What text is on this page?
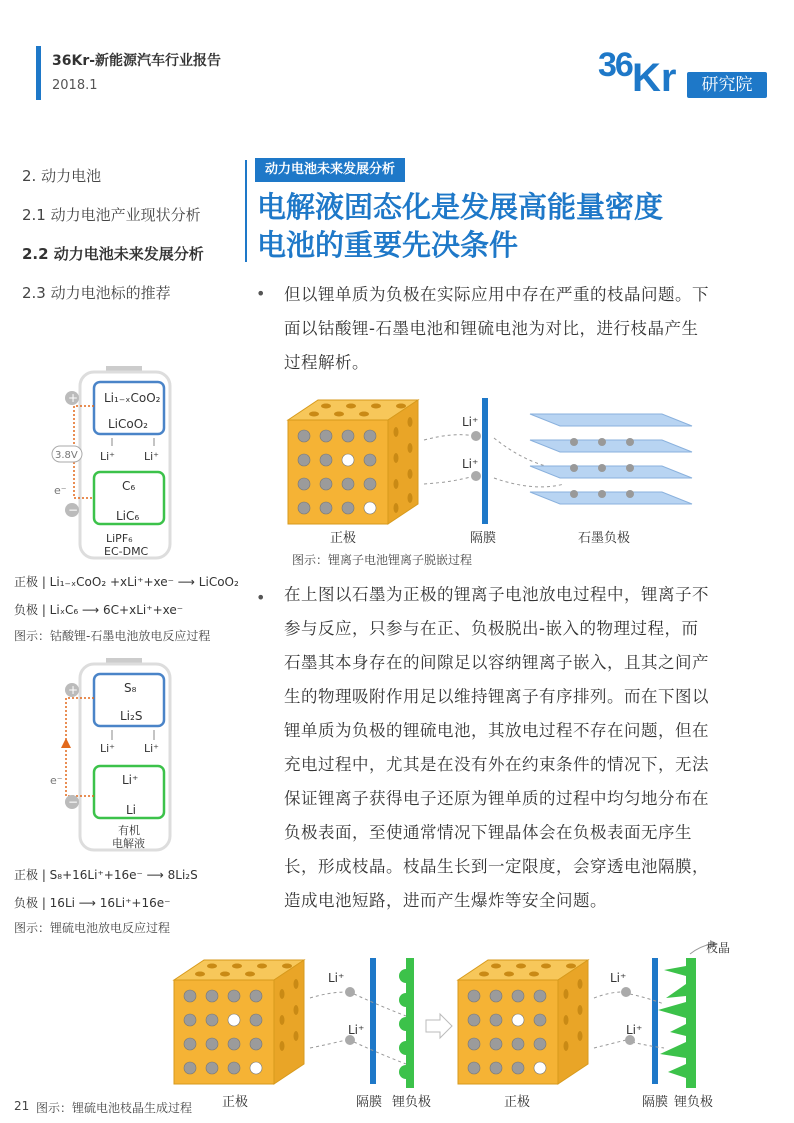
36Kr-新能源汽车行业报告
2018.1
36 Kr	研究院
2. 动力电池
2.1 动力电池产业现状分析
2.2 动力电池未来发展分析
2.3 动力电池标的推荐
动力电池未来发展分析
电解液固态化是发展高能量密度
电池的重要先决条件
• 但以锂单质为负极在实际应用中存在严重的枝晶问题。下面以钴酸锂-石墨电池和锂硫电池为对比，进行枝晶产生过程解析。
Li⁺
Li⁺
正极	隔膜	石墨负极
图示：锂离子电池锂离子脱嵌过程
Li₁₋ₓCoO₂
LiCoO₂
C₆
LiC₆
Li⁺	Li⁺
LiPF₆
EC-DMC
+
−
3.8V
e⁻
正极 | Li₁₋ₓCoO₂ +xLi⁺+xe⁻ ⟶ LiCoO₂
负极 | LiₓC₆ ⟶ 6C+xLi⁺+xe⁻
图示：钴酸锂-石墨电池放电反应过程
S₈
Li₂S
Li⁺
Li
Li⁺	Li⁺
有机
电解液
+
−
e⁻
正极 | S₈+16Li⁺+16e⁻ ⟶ 8Li₂S
负极 | 16Li ⟶ 16Li⁺+16e⁻
图示：锂硫电池放电反应过程
• 在上图以石墨为正极的锂离子电池放电过程中，锂离子不参与反应，只参与在正、负极脱出-嵌入的物理过程，而石墨其本身存在的间隙足以容纳锂离子嵌入，且其之间产生的物理吸附作用足以维持锂离子有序排列。而在下图以锂单质为负极的锂硫电池，其放电过程不存在问题，但在充电过程中，尤其是在没有外在约束条件的情况下，无法保证锂离子获得电子还原为锂单质的过程中均匀地分布在负极表面，至使通常情况下锂晶体会在负极表面无序生长，形成枝晶。枝晶生长到一定限度，会穿透电池隔膜，造成电池短路，进而产生爆炸等安全问题。
Li⁺
Li⁺
Li⁺
Li⁺
枝晶
正极	隔膜 锂负极	正极	隔膜 锂负极
21 图示：锂硫电池枝晶生成过程
